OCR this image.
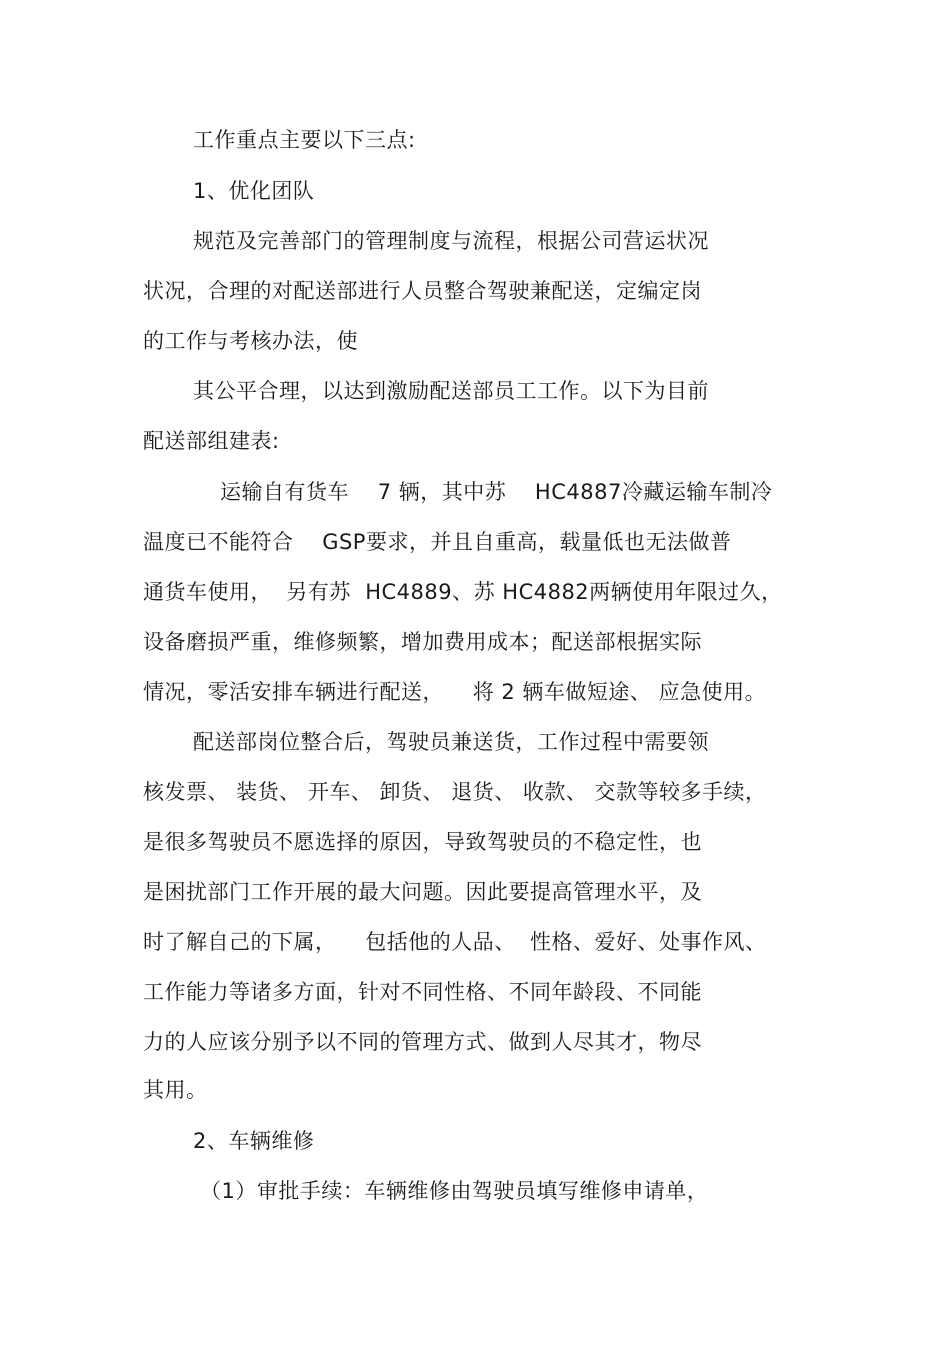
工作重点主要以下三点:
1、优化团队
规范及完善部门的管理制度与流程，根据公司营运状况
状况，合理的对配送部进行人员整合驾驶兼配送，定编定岗
的工作与考核办法，使
其公平合理，以达到激励配送部员工工作。以下为目前
配送部组建表:
运输自有货车    7 辆，其中苏    HC4887冷藏运输车制冷
温度已不能符合    GSP要求，并且自重高，载量低也无法做普
通货车使用，  另有苏  HC4889、苏 HC4882两辆使用年限过久，
设备磨损严重，维修频繁，增加费用成本；配送部根据实际
情况，零活安排车辆进行配送，    将 2 辆车做短途、 应急使用。
配送部岗位整合后，驾驶员兼送货，工作过程中需要领
核发票、 装货、 开车、 卸货、 退货、 收款、 交款等较多手续，
是很多驾驶员不愿选择的原因，导致驾驶员的不稳定性，也
是困扰部门工作开展的最大问题。因此要提高管理水平，及
时了解自己的下属，    包括他的人品、  性格、爱好、处事作风、
工作能力等诸多方面，针对不同性格、不同年龄段、不同能
力的人应该分别予以不同的管理方式、做到人尽其才，物尽
其用。
2、车辆维修
（1）审批手续：车辆维修由驾驶员填写维修申请单，
